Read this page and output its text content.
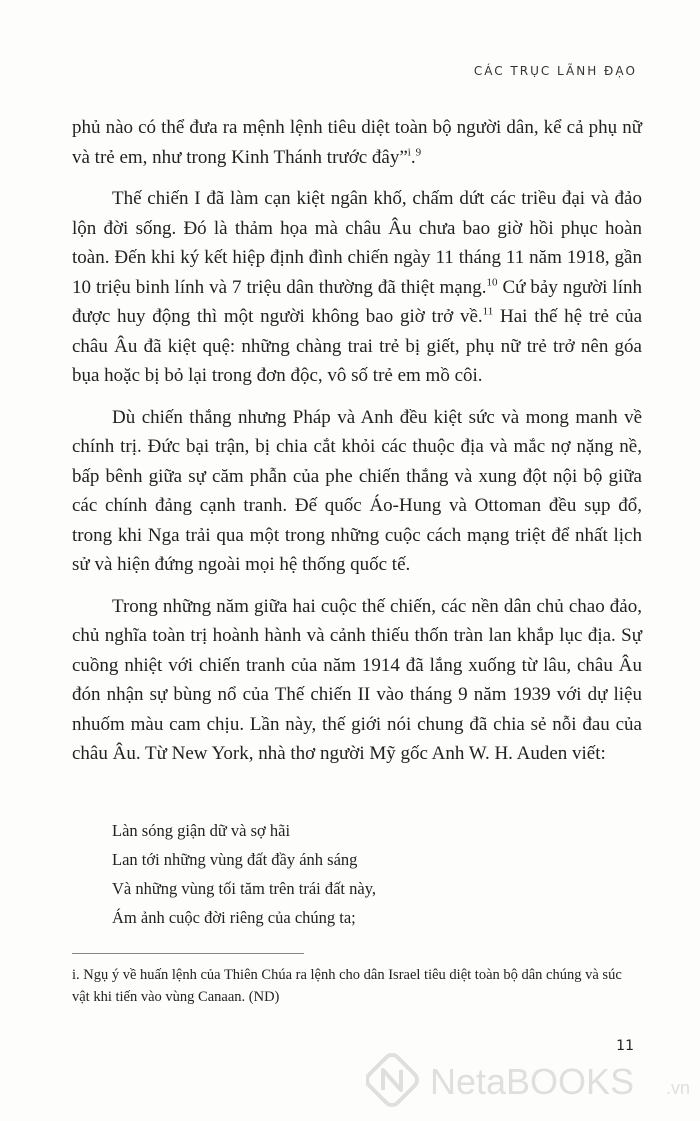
CÁC TRỤC LÃNH ĐẠO

phủ nào có thể đưa ra mệnh lệnh tiêu diệt toàn bộ người dân, kể cả phụ nữ và trẻ em, như trong Kinh Thánh trước đây”$^i$.$^9$

Thế chiến I đã làm cạn kiệt ngân khố, chấm dứt các triều đại và đảo lộn đời sống. Đó là thảm họa mà châu Âu chưa bao giờ hồi phục hoàn toàn. Đến khi ký kết hiệp định đình chiến ngày 11 tháng 11 năm 1918, gần 10 triệu binh lính và 7 triệu dân thường đã thiệt mạng.$^{10}$ Cứ bảy người lính được huy động thì một người không bao giờ trở về.$^{11}$ Hai thế hệ trẻ của châu Âu đã kiệt quệ: những chàng trai trẻ bị giết, phụ nữ trẻ trở nên góa bụa hoặc bị bỏ lại trong đơn độc, vô số trẻ em mồ côi.

Dù chiến thắng nhưng Pháp và Anh đều kiệt sức và mong manh về chính trị. Đức bại trận, bị chia cắt khỏi các thuộc địa và mắc nợ nặng nề, bấp bênh giữa sự căm phẫn của phe chiến thắng và xung đột nội bộ giữa các chính đảng cạnh tranh. Đế quốc Áo-Hung và Ottoman đều sụp đổ, trong khi Nga trải qua một trong những cuộc cách mạng triệt để nhất lịch sử và hiện đứng ngoài mọi hệ thống quốc tế.

Trong những năm giữa hai cuộc thế chiến, các nền dân chủ chao đảo, chủ nghĩa toàn trị hoành hành và cảnh thiếu thốn tràn lan khắp lục địa. Sự cuồng nhiệt với chiến tranh của năm 1914 đã lắng xuống từ lâu, châu Âu đón nhận sự bùng nổ của Thế chiến II vào tháng 9 năm 1939 với dự liệu nhuốm màu cam chịu. Lần này, thế giới nói chung đã chia sẻ nỗi đau của châu Âu. Từ New York, nhà thơ người Mỹ gốc Anh W. H. Auden viết:

Làn sóng giận dữ và sợ hãi
Lan tới những vùng đất đầy ánh sáng
Và những vùng tối tăm trên trái đất này,
Ám ảnh cuộc đời riêng của chúng ta;
i. Ngụ ý về huấn lệnh của Thiên Chúa ra lệnh cho dân Israel tiêu diệt toàn bộ dân chúng và súc vật khi tiến vào vùng Canaan. (ND)
11
NetaBOOKS .vn
